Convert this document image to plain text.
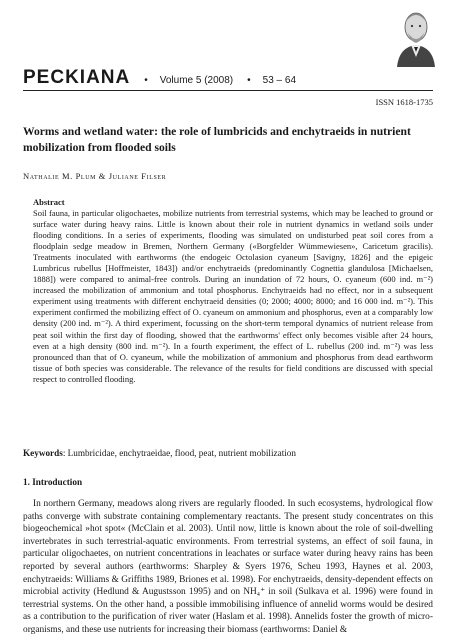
PECKIANA • Volume 5 (2008) • 53 – 64
ISSN 1618-1735
Worms and wetland water: the role of lumbricids and enchytraeids in nutrient mobilization from flooded soils
Nathalie M. Plum & Juliane Filser
Abstract

Soil fauna, in particular oligochaetes, mobilize nutrients from terrestrial systems, which may be leached to ground or surface water during heavy rains. Little is known about their role in nutrient dynamics in wetland soils under flooding conditions. In a series of experiments, flooding was simulated on undisturbed peat soil cores from a floodplain sedge meadow in Bremen, Northern Germany («Borgfelder Wümmewiesen», Caricetum gracilis). Treatments inoculated with earthworms (the endogeic Octolasion cyaneum [Savigny, 1826] and the epigeic Lumbricus rubellus [Hoffmeister, 1843]) and/or enchytraeids (predominantly Cognettia glandulosa [Michaelsen, 1888]) were compared to animal-free controls. During an inundation of 72 hours, O. cyaneum (600 ind. m⁻²) increased the mobilization of ammonium and total phosphorus. Enchytraeids had no effect, nor in a subsequent experiment using treatments with different enchytraeid densities (0; 2000; 4000; 8000; and 16 000 ind. m⁻²). This experiment confirmed the mobilizing effect of O. cyaneum on ammonium and phosphorus, even at a comparably low density (200 ind. m⁻²). A third experiment, focussing on the short-term temporal dynamics of nutrient release from peat soil within the first day of flooding, showed that the earthworms' effect only becomes visible after 24 hours, even at a high density (800 ind. m⁻²). In a fourth experiment, the effect of L. rubellus (200 ind. m⁻²) was less pronounced than that of O. cyaneum, while the mobilization of ammonium and phosphorus from dead earthworm tissue of both species was considerable. The relevance of the results for field conditions are discussed with special respect to controlled flooding.

Keywords: Lumbricidae, enchytraeidae, flood, peat, nutrient mobilization
1. Introduction

In northern Germany, meadows along rivers are regularly flooded. In such ecosystems, hydrological flow paths converge with substrate containing complementary reactants. The present study concentrates on this biogeochemical »hot spot« (McClain et al. 2003). Until now, little is known about the role of soil-dwelling invertebrates in such terrestrial-aquatic environments. From terrestrial systems, an effect of soil fauna, in particular oligochaetes, on nutrient concentrations in leachates or surface water during heavy rains has been reported by several authors (earthworms: Sharpley & Syers 1976, Scheu 1993, Haynes et al. 2003, enchytraeids: Williams & Griffiths 1989, Briones et al. 1998). For enchytraeids, density-dependent effects on microbial activity (Hedlund & Augustsson 1995) and on NH₄⁺ in soil (Sulkava et al. 1996) were found in terrestrial systems. On the other hand, a possible immobilising influence of annelid worms would be desired as a contribution to the purification of river water (Haslam et al. 1998). Annelids foster the growth of micro-organisms, and these use nutrients for increasing their biomass (earthworms: Daniel &
